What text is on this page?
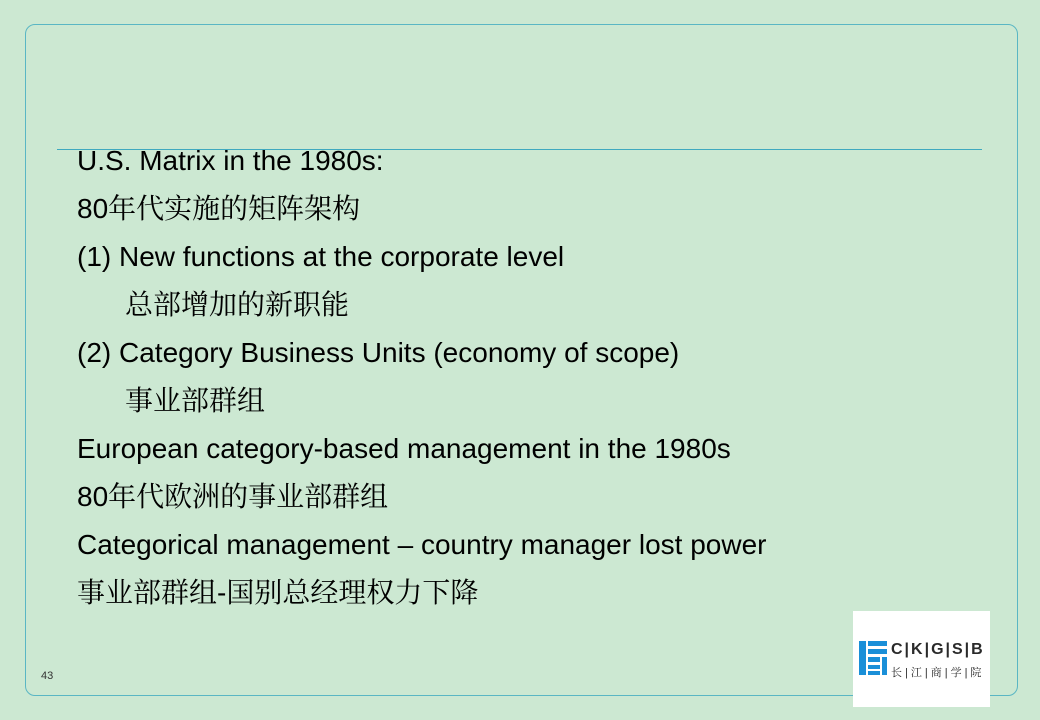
U.S. Matrix in the 1980s:
80年代实施的矩阵架构
(1) New functions at the corporate level
总部增加的新职能
(2) Category Business Units (economy of scope)
事业部群组
European category-based management in the 1980s
80年代欧洲的事业部群组
Categorical management – country manager lost power
事业部群组-国别总经理权力下降
43
C|K|G|S|B
长|江|商|学|院
